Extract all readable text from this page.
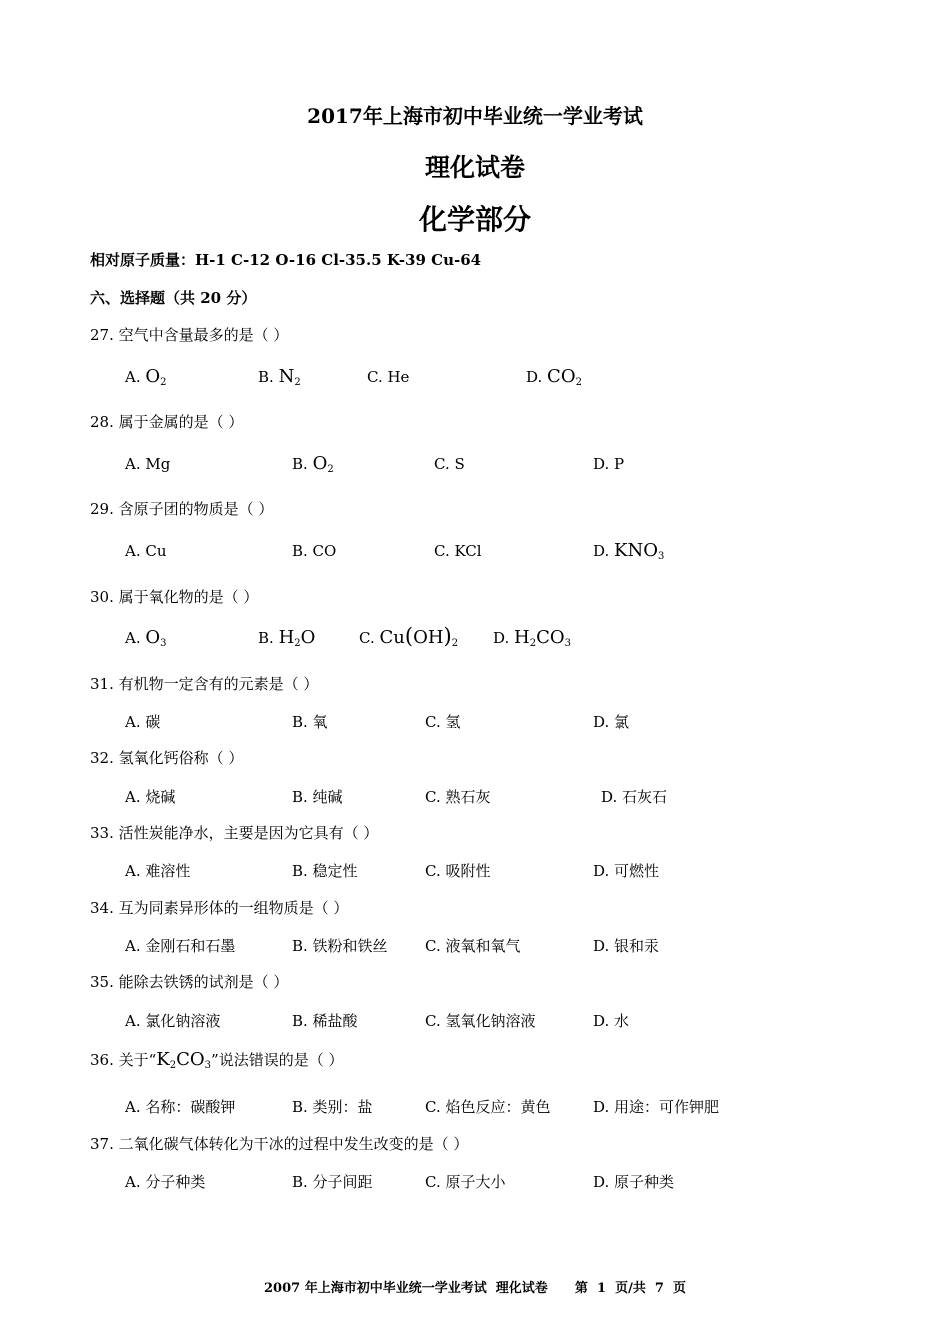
2017年上海市初中毕业统一学业考试
理化试卷
化学部分
相对原子质量：H-1 C-12 O-16 Cl-35.5 K-39 Cu-64
六、选择题（共 20 分）
27. 空气中含量最多的是（ ）
A. $O_2$	B. $N_2$	C. He	D. $CO_2$
28. 属于金属的是（ ）
A. Mg	B. $O_2$	C. S	D. P
29. 含原子团的物质是（ ）
A. Cu	B. CO	C. KCl	D. $KNO_3$
30. 属于氧化物的是（ ）
A. $O_3$	B. $H_2O$	C. $Cu(OH)_2$ D. $H_2CO_3$
31. 有机物一定含有的元素是（ ）
A. 碳	B. 氧	C. 氢	D. 氯
32. 氢氧化钙俗称（ ）
A. 烧碱	B. 纯碱	C. 熟石灰	D. 石灰石
33. 活性炭能净水，主要是因为它具有（ ）
A. 难溶性	B. 稳定性	C. 吸附性	D. 可燃性
34. 互为同素异形体的一组物质是（ ）
A. 金刚石和石墨	B. 铁粉和铁丝 C. 液氧和氧气	D. 银和汞
35. 能除去铁锈的试剂是（ ）
A. 氯化钠溶液	B. 稀盐酸	C. 氢氧化钠溶液	D. 水
36. 关于“$K_2CO_3$”说法错误的是（ ）
A. 名称：碳酸钾	B. 类别：盐	C. 焰色反应：黄色	D. 用途：可作钾肥
37. 二氧化碳气体转化为干冰的过程中发生改变的是（ ）
A. 分子种类	B. 分子间距	C. 原子大小	D. 原子种类
2007 年上海市初中毕业统一学业考试  理化试卷      第  1  页/共  7  页
